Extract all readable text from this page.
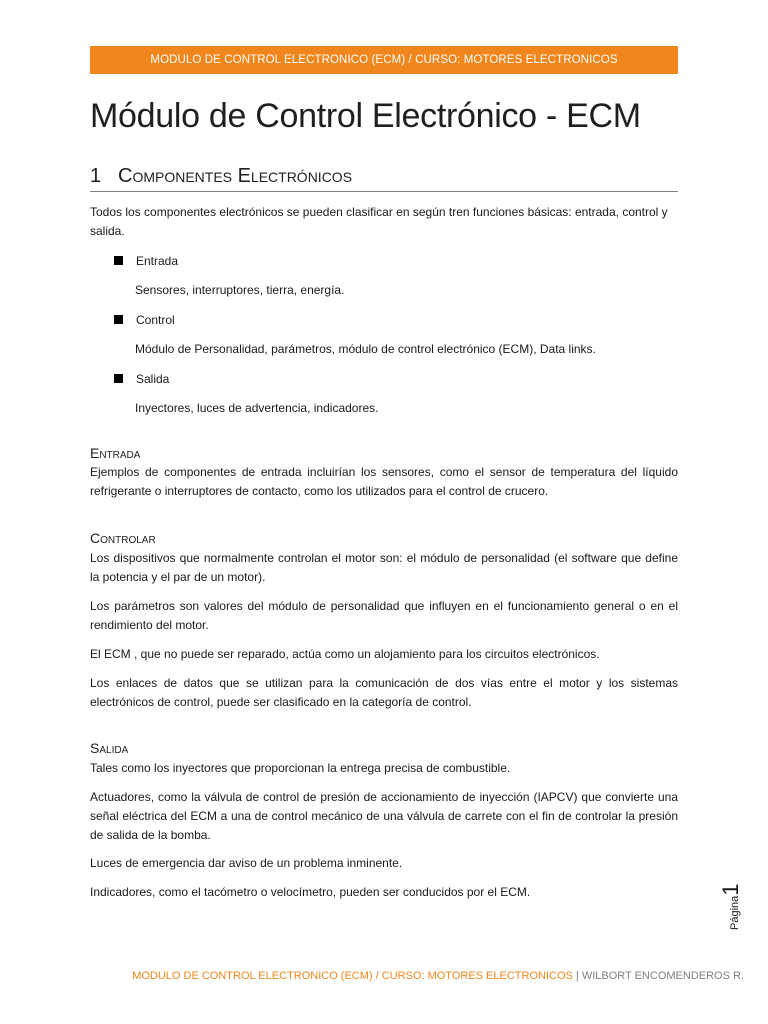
MODULO DE CONTROL ELECTRONICO (ECM) / CURSO: MOTORES ELECTRONICOS
Módulo de Control Electrónico - ECM
1 Componentes Electrónicos

Todos los componentes electrónicos se pueden clasificar en según tren funciones básicas: entrada, control y salida.

Entrada
Sensores, interruptores, tierra, energía.
Control
Módulo de Personalidad, parámetros, módulo de control electrónico (ECM), Data links.
Salida
Inyectores, luces de advertencia, indicadores.
Entrada

Ejemplos de componentes de entrada incluirían los sensores, como el sensor de temperatura del líquido refrigerante o interruptores de contacto, como los utilizados para el control de crucero.

Controlar

Los dispositivos que normalmente controlan el motor son: el módulo de personalidad (el software que define la potencia y el par de un motor).

Los parámetros son valores del módulo de personalidad que influyen en el funcionamiento general o en el rendimiento del motor.

El ECM , que no puede ser reparado, actúa como un alojamiento para los circuitos electrónicos.

Los enlaces de datos que se utilizan para la comunicación de dos vías entre el motor y los sistemas electrónicos de control, puede ser clasificado en la categoría de control.

Salida

Tales como los inyectores que proporcionan la entrega precisa de combustible.

Actuadores, como la válvula de control de presión de accionamiento de inyección (IAPCV) que convierte una señal eléctrica del ECM a una de control mecánico de una válvula de carrete con el fin de controlar la presión de salida de la bomba.

Luces de emergencia dar aviso de un problema inminente.

Indicadores, como el tacómetro o velocímetro, pueden ser conducidos por el ECM.

Página1
MODULO DE CONTROL ELECTRONICO (ECM) / CURSO: MOTORES ELECTRONICOS | WILBORT ENCOMENDEROS R.
